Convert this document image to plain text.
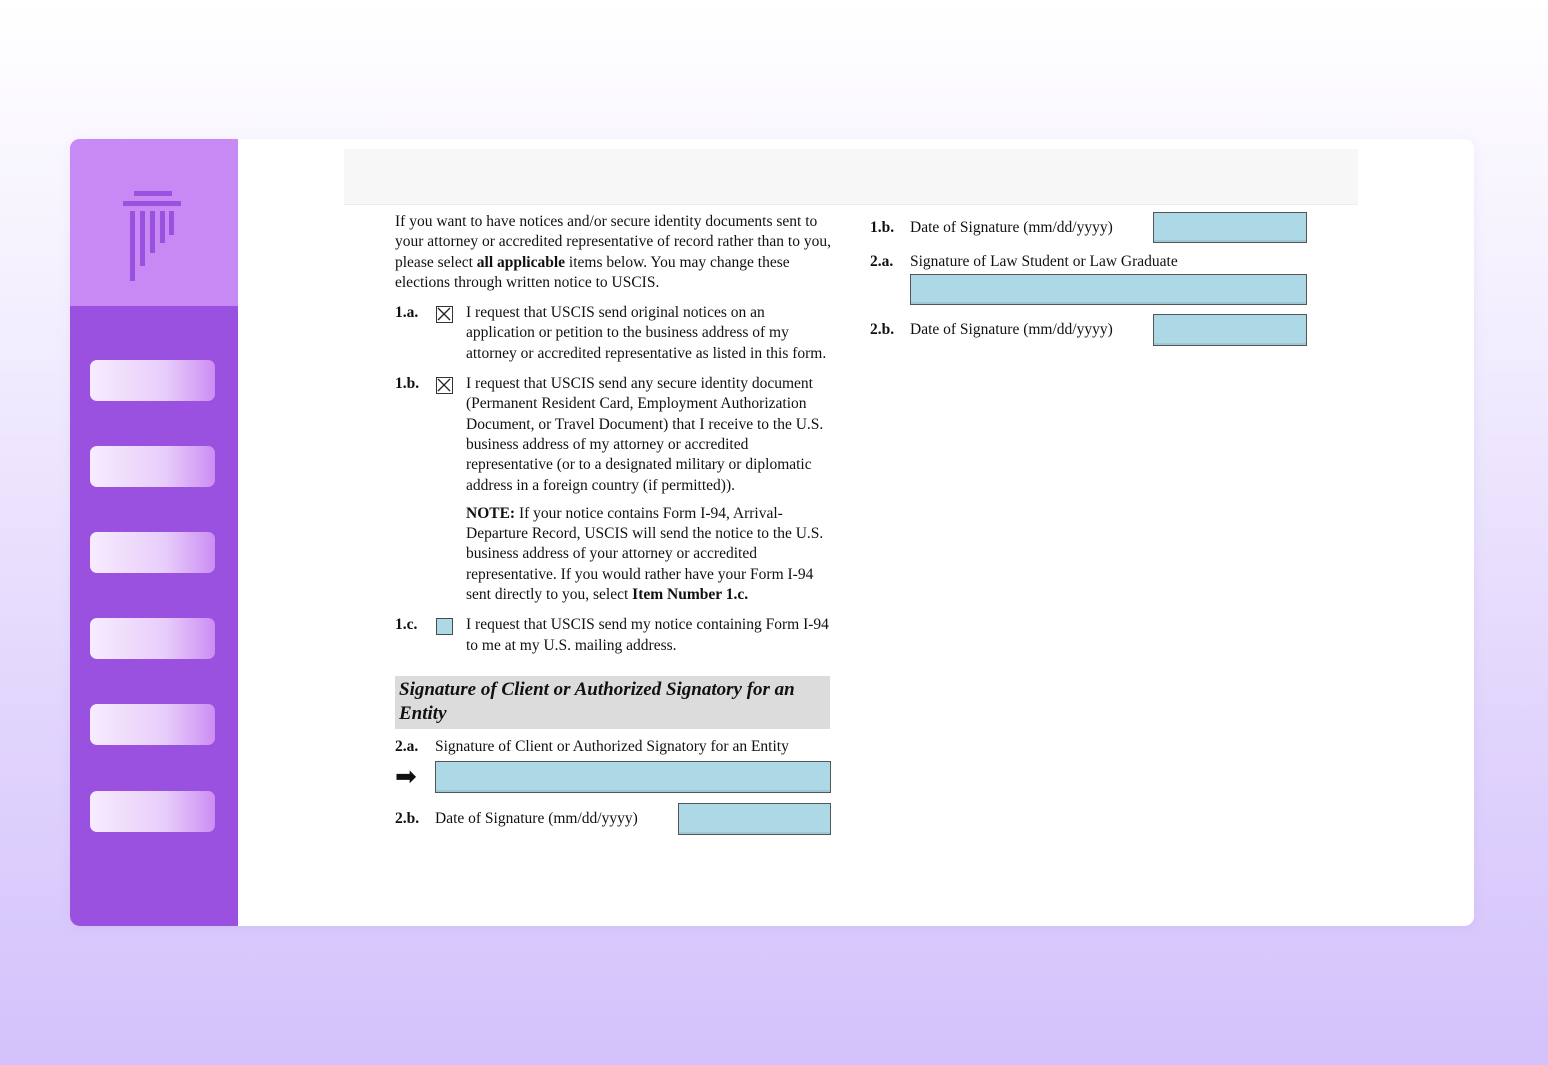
If you want to have notices and/or secure identity documents sent to your attorney or accredited representative of record rather than to you, please select all applicable items below. You may change these elections through written notice to USCIS.
1.a.	I request that USCIS send original notices on an application or petition to the business address of my attorney or accredited representative as listed in this form.
1.b.	I request that USCIS send any secure identity document (Permanent Resident Card, Employment Authorization Document, or Travel Document) that I receive to the U.S. business address of my attorney or accredited representative (or to a designated military or diplomatic address in a foreign country (if permitted)).
NOTE: If your notice contains Form I-94, Arrival-Departure Record, USCIS will send the notice to the U.S. business address of your attorney or accredited representative. If you would rather have your Form I-94 sent directly to you, select Item Number 1.c.
1.c.	I request that USCIS send my notice containing Form I-94 to me at my U.S. mailing address.
Signature of Client or Authorized Signatory for an Entity
2.a. Signature of Client or Authorized Signatory for an Entity
➡
2.b. Date of Signature (mm/dd/yyyy)
1.b. Date of Signature (mm/dd/yyyy)
2.a. Signature of Law Student or Law Graduate
2.b. Date of Signature (mm/dd/yyyy)
